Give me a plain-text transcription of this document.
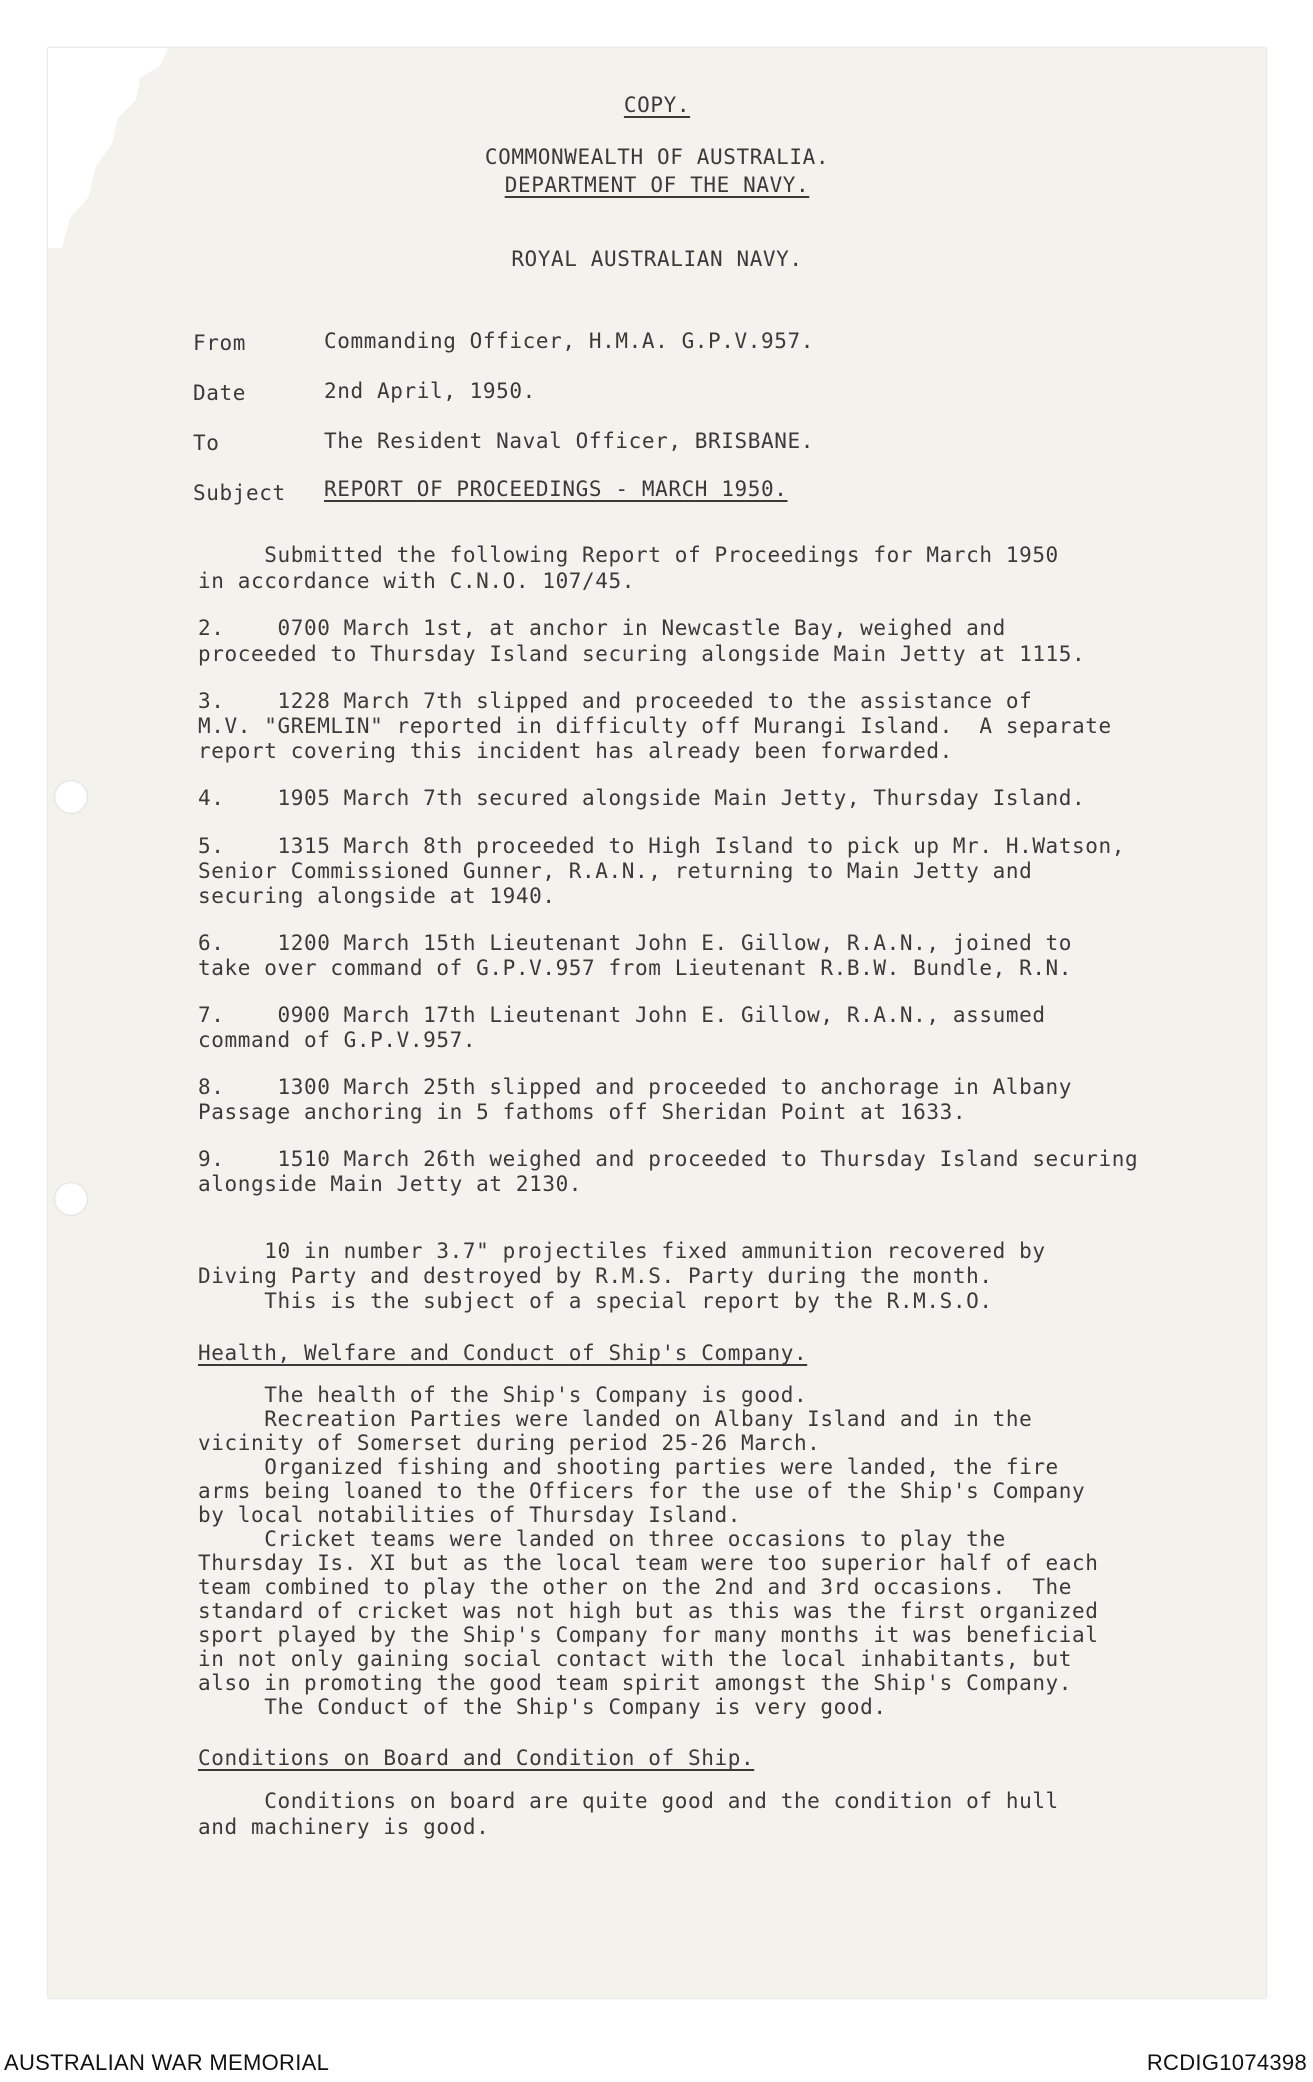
COPY.
COMMONWEALTH OF AUSTRALIA.
DEPARTMENT OF THE NAVY.
ROYAL AUSTRALIAN NAVY.
From	Commanding Officer, H.M.A. G.P.V.957.
Date	2nd April, 1950.
To	The Resident Naval Officer, BRISBANE.
Subject REPORT OF PROCEEDINGS - MARCH 1950.
Submitted the following Report of Proceedings for March 1950
in accordance with C.N.O. 107/45.
2.    0700 March 1st, at anchor in Newcastle Bay, weighed and
proceeded to Thursday Island securing alongside Main Jetty at 1115.
3.    1228 March 7th slipped and proceeded to the assistance of
M.V. "GREMLIN" reported in difficulty off Murangi Island.  A separate
report covering this incident has already been forwarded.
4.    1905 March 7th secured alongside Main Jetty, Thursday Island.
5.    1315 March 8th proceeded to High Island to pick up Mr. H.Watson,
Senior Commissioned Gunner, R.A.N., returning to Main Jetty and
securing alongside at 1940.
6.    1200 March 15th Lieutenant John E. Gillow, R.A.N., joined to
take over command of G.P.V.957 from Lieutenant R.B.W. Bundle, R.N.
7.    0900 March 17th Lieutenant John E. Gillow, R.A.N., assumed
command of G.P.V.957.
8.    1300 March 25th slipped and proceeded to anchorage in Albany
Passage anchoring in 5 fathoms off Sheridan Point at 1633.
9.    1510 March 26th weighed and proceeded to Thursday Island securing
alongside Main Jetty at 2130.
10 in number 3.7" projectiles fixed ammunition recovered by
Diving Party and destroyed by R.M.S. Party during the month.
This is the subject of a special report by the R.M.S.O.
Health, Welfare and Conduct of Ship's Company.
The health of the Ship's Company is good.
Recreation Parties were landed on Albany Island and in the
vicinity of Somerset during period 25-26 March.
Organized fishing and shooting parties were landed, the fire
arms being loaned to the Officers for the use of the Ship's Company
by local notabilities of Thursday Island.
Cricket teams were landed on three occasions to play the
Thursday Is. XI but as the local team were too superior half of each
team combined to play the other on the 2nd and 3rd occasions.  The
standard of cricket was not high but as this was the first organized
sport played by the Ship's Company for many months it was beneficial
in not only gaining social contact with the local inhabitants, but
also in promoting the good team spirit amongst the Ship's Company.
The Conduct of the Ship's Company is very good.
Conditions on Board and Condition of Ship.
Conditions on board are quite good and the condition of hull
and machinery is good.
AUSTRALIAN WAR MEMORIAL	RCDIG1074398
